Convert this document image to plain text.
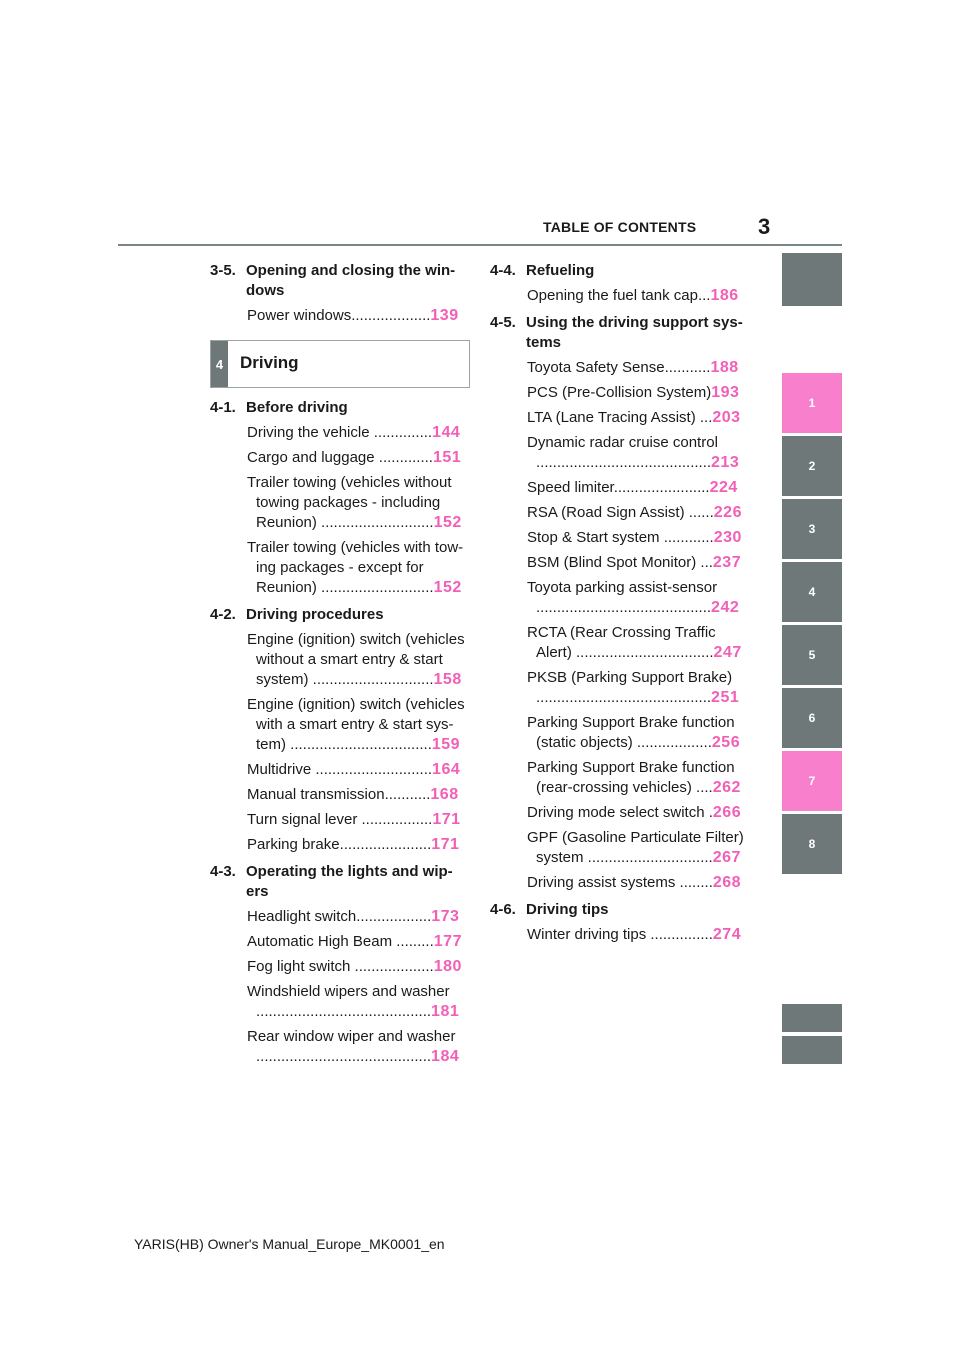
TABLE OF CONTENTS	3
3-5. Opening and closing the win-dows
Power windows...................139
4 Driving
4-1. Before driving
Driving the vehicle ..............144
Cargo and luggage .............151
Trailer towing (vehicles without towing packages - including Reunion) ...........................152
Trailer towing (vehicles with tow-ing packages - except for Reunion) ...........................152
4-2. Driving procedures
Engine (ignition) switch (vehicles without a smart entry & start system) .............................158
Engine (ignition) switch (vehicles with a smart entry & start sys-tem) ..................................159
Multidrive ............................164
Manual transmission...........168
Turn signal lever .................171
Parking brake......................171
4-3. Operating the lights and wip-ers
Headlight switch..................173
Automatic High Beam .........177
Fog light switch ...................180
Windshield wipers and washer ..........................................181
Rear window wiper and washer ..........................................184
4-4. Refueling
Opening the fuel tank cap...186
4-5. Using the driving support sys-tems
Toyota Safety Sense...........188
PCS (Pre-Collision System)193
LTA (Lane Tracing Assist) ...203
Dynamic radar cruise control ..........................................213
Speed limiter.......................224
RSA (Road Sign Assist) ......226
Stop & Start system ............230
BSM (Blind Spot Monitor) ...237
Toyota parking assist-sensor ..........................................242
RCTA (Rear Crossing Traffic Alert) .................................247
PKSB (Parking Support Brake) ..........................................251
Parking Support Brake function (static objects) ..................256
Parking Support Brake function (rear-crossing vehicles) ....262
Driving mode select switch .266
GPF (Gasoline Particulate Filter) system ..............................267
Driving assist systems ........268
4-6. Driving tips
Winter driving tips ...............274
1
2
3
4
5
6
7
8
YARIS(HB) Owner's Manual_Europe_MK0001_en
